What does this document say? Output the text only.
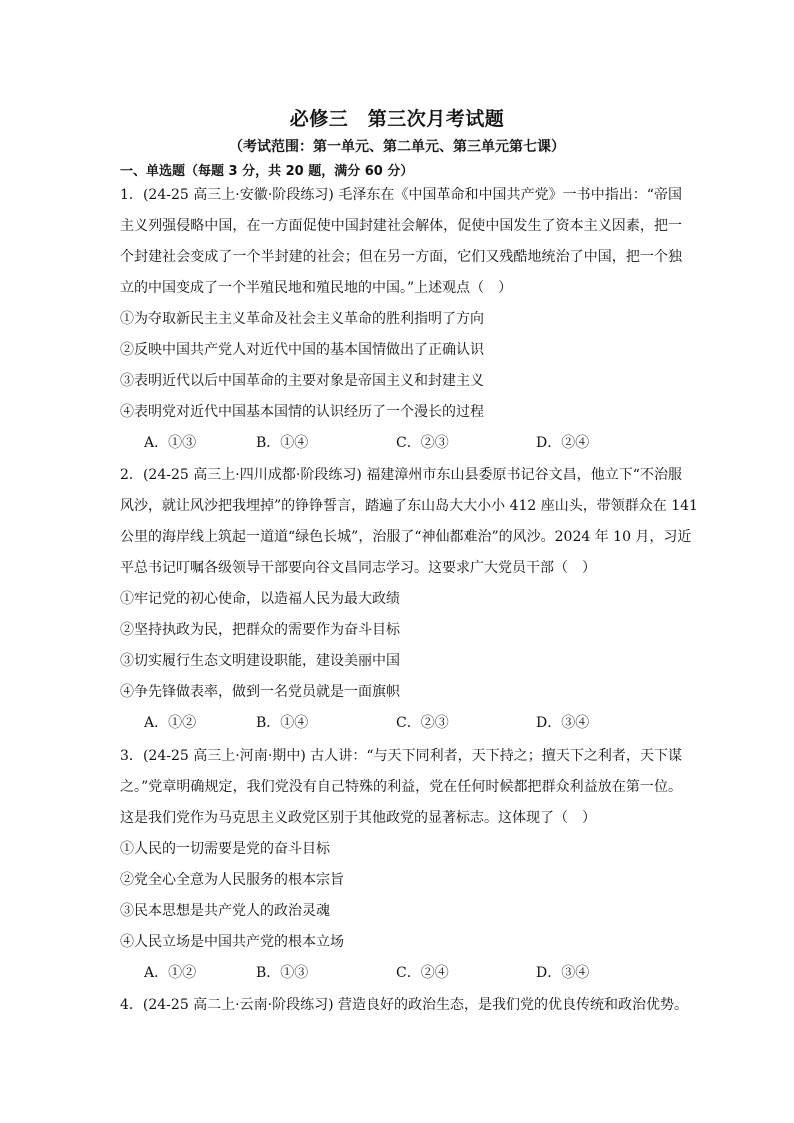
必修三　第三次月考试题
（考试范围：第一单元、第二单元、第三单元第七课）
一、单选题（每题 3 分，共 20 题，满分 60 分）
1．(24-25 高三上·安徽·阶段练习) 毛泽东在《中国革命和中国共产党》一书中指出：“帝国
主义列强侵略中国，在一方面促使中国封建社会解体，促使中国发生了资本主义因素，把一
个封建社会变成了一个半封建的社会；但在另一方面，它们又残酷地统治了中国，把一个独
立的中国变成了一个半殖民地和殖民地的中国。”上述观点（　）
①为夺取新民主主义革命及社会主义革命的胜利指明了方向
②反映中国共产党人对近代中国的基本国情做出了正确认识
③表明近代以后中国革命的主要对象是帝国主义和封建主义
④表明党对近代中国基本国情的认识经历了一个漫长的过程
A．①③	B．①④	C．②③	D．②④
2．(24-25 高三上·四川成都·阶段练习) 福建漳州市东山县委原书记谷文昌，他立下“不治服
风沙，就让风沙把我埋掉”的铮铮誓言，踏遍了东山岛大大小小 412 座山头，带领群众在 141
公里的海岸线上筑起一道道“绿色长城”，治服了“神仙都难治”的风沙。2024 年 10 月，习近
平总书记叮嘱各级领导干部要向谷文昌同志学习。这要求广大党员干部（　）
①牢记党的初心使命，以造福人民为最大政绩
②坚持执政为民，把群众的需要作为奋斗目标
③切实履行生态文明建设职能，建设美丽中国
④争先锋做表率，做到一名党员就是一面旗帜
A．①②	B．①④	C．②③	D．③④
3．(24-25 高三上·河南·期中) 古人讲：“与天下同利者，天下持之；擅天下之利者，天下谋
之。”党章明确规定，我们党没有自己特殊的利益，党在任何时候都把群众利益放在第一位。
这是我们党作为马克思主义政党区别于其他政党的显著标志。这体现了（　）
①人民的一切需要是党的奋斗目标
②党全心全意为人民服务的根本宗旨
③民本思想是共产党人的政治灵魂
④人民立场是中国共产党的根本立场
A．①②	B．①③	C．②④	D．③④
4．(24-25 高二上·云南·阶段练习) 营造良好的政治生态，是我们党的优良传统和政治优势。
